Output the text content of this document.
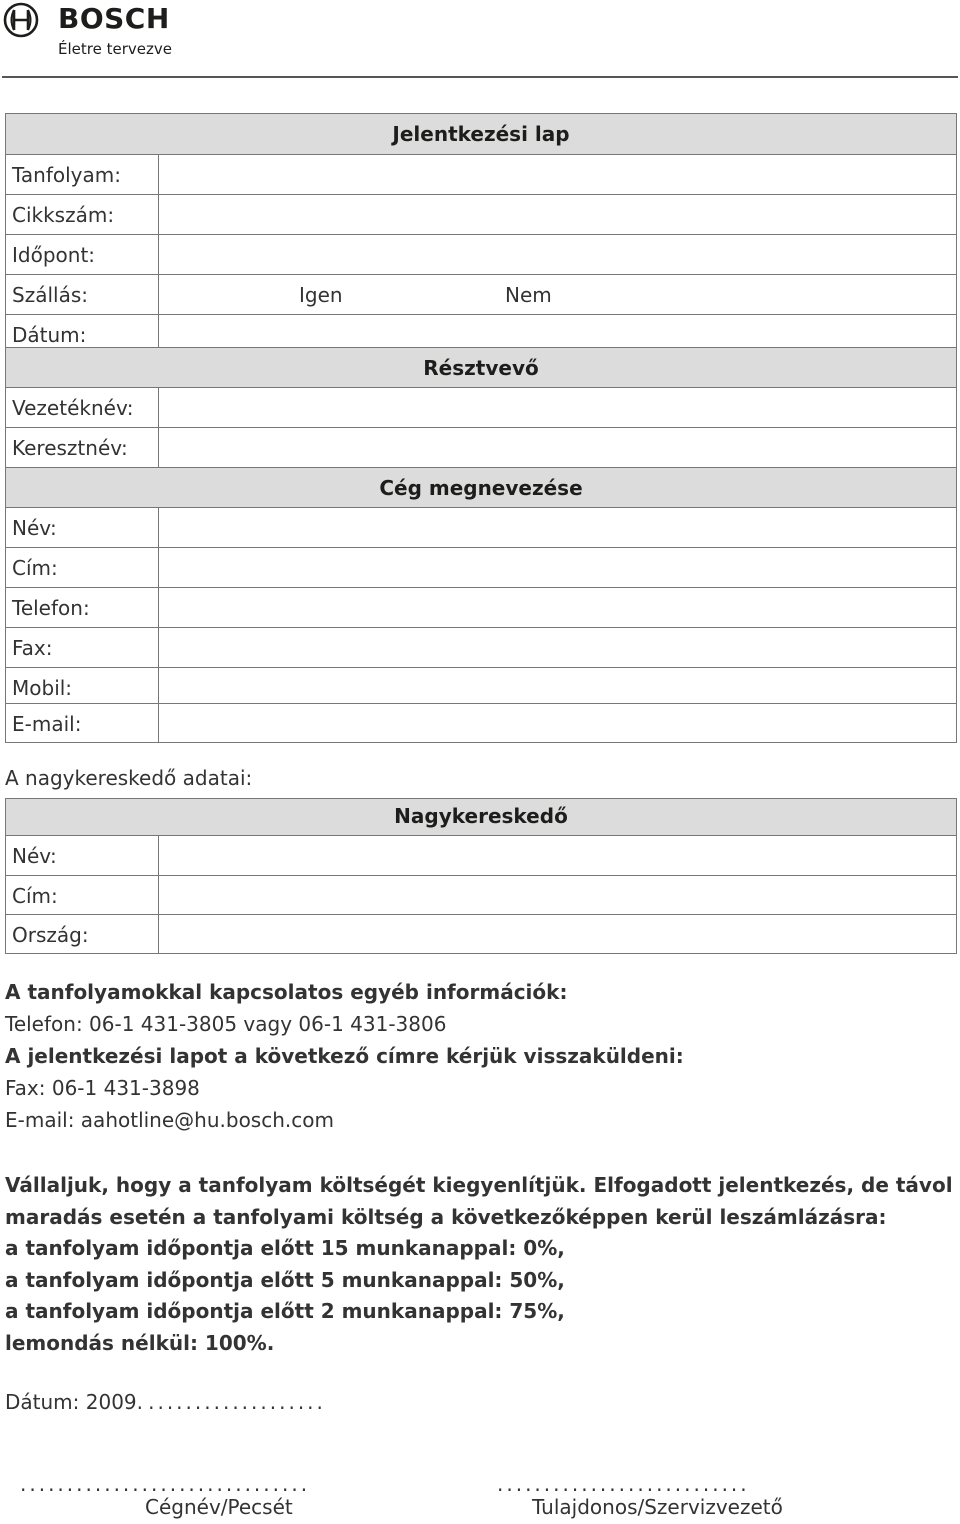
BOSCH
Életre tervezve
Jelentkezési lap
Tanfolyam:
Cikkszám:
Időpont:
Szállás:	Igen	Nem
Dátum:
Résztvevő
Vezetéknév:
Keresztnév:
Cég megnevezése
Név:
Cím:
Telefon:
Fax:
Mobil:
E-mail:
A nagykereskedő adatai:
Nagykereskedő
Név:
Cím:
Ország:
A tanfolyamokkal kapcsolatos egyéb információk:
Telefon: 06-1 431-3805 vagy 06-1 431-3806
A jelentkezési lapot a következő címre kérjük visszaküldeni:
Fax: 06-1 431-3898
E-mail: aahotline@hu.bosch.com
Vállaljuk, hogy a tanfolyam költségét kiegyenlítjük. Elfogadott jelentkezés, de távol maradás esetén a tanfolyami költség a következőképpen kerül leszámlázásra:
a tanfolyam időpontja előtt 15 munkanappal: 0%,
a tanfolyam időpontja előtt 5 munkanappal: 50%,
a tanfolyam időpontja előtt 2 munkanappal: 75%,
lemondás nélkül: 100%.
Dátum: 2009. ...................
...............................	...........................
Cégnév/Pecsét	Tulajdonos/Szervizvezető
